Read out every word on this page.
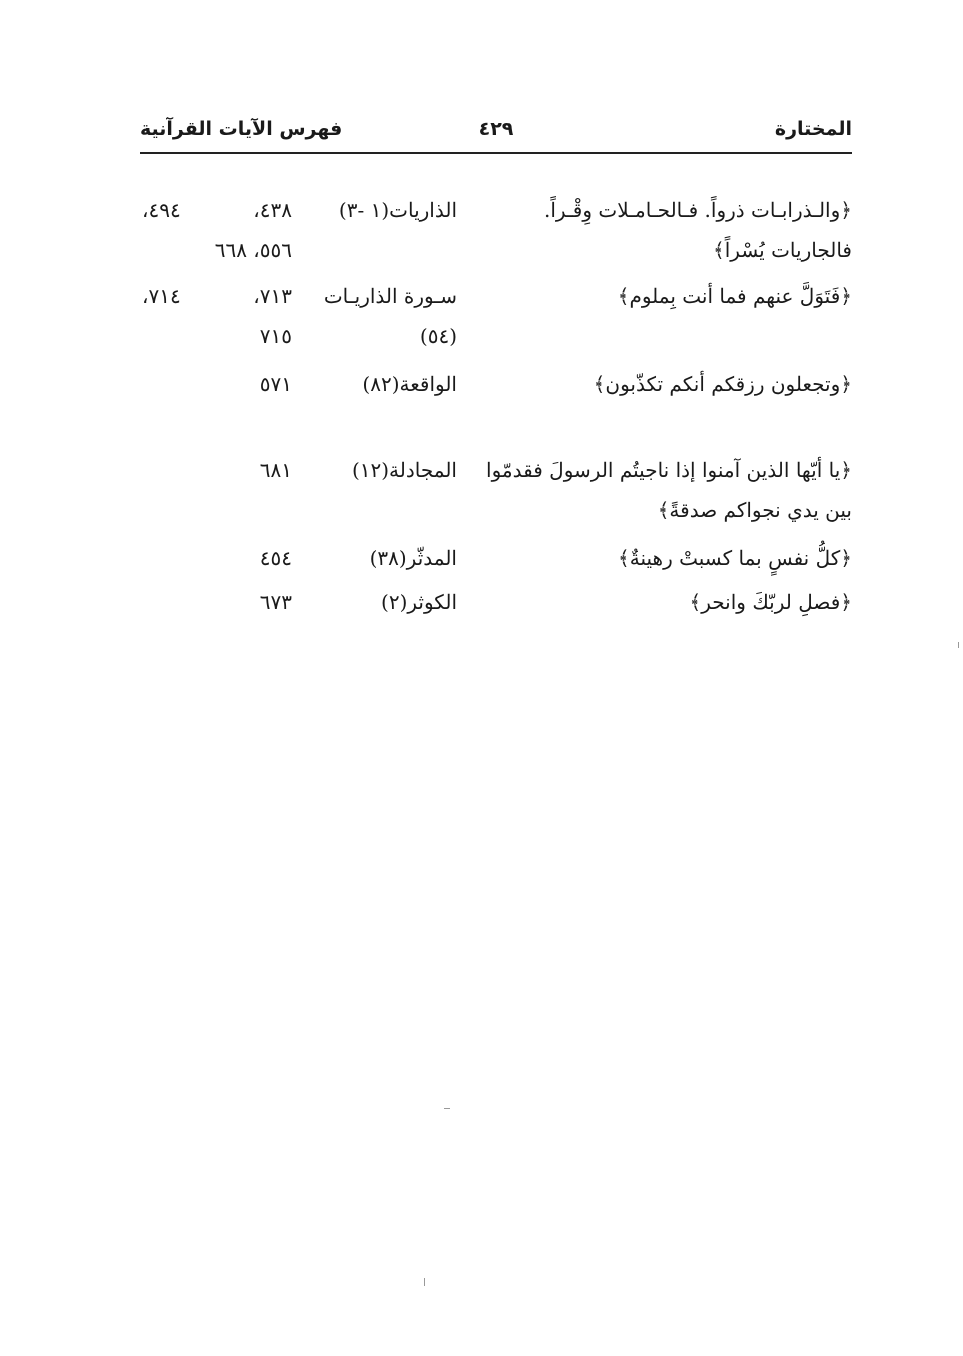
المختارة
٤٢٩
فهرس الآيات القرآنية
﴿والـذرابـات ذرواً. فـالحـامـلات وِقْـراً.
فالجاريات يُسْراً﴾
الذاريات(١ -٣)
٤٣٨،٤٩٤،
٥٥٦، ٦٦٨
﴿فَتَوَلَّ عنهم فما أنت بِملوم﴾
سـورة الذاريـات (٥٤)
٧١٣،٧١٤،
٧١٥
﴿وتجعلون رزقكم أنكم تكذّبون﴾
الواقعة(٨٢)
٥٧١
﴿يا أيّها الذين آمنوا إذا ناجيتُم الرسولَ فقدمّوا
بين يدي نجواكم صدقةً﴾
المجادلة(١٢)
٦٨١
﴿كلُّ نفسٍ بما كسبتْ رهينةٌ﴾
المدثّر(٣٨)
٤٥٤
﴿فصلِ لربّكَ وانحر﴾
الكوثر(٢)
٦٧٣
